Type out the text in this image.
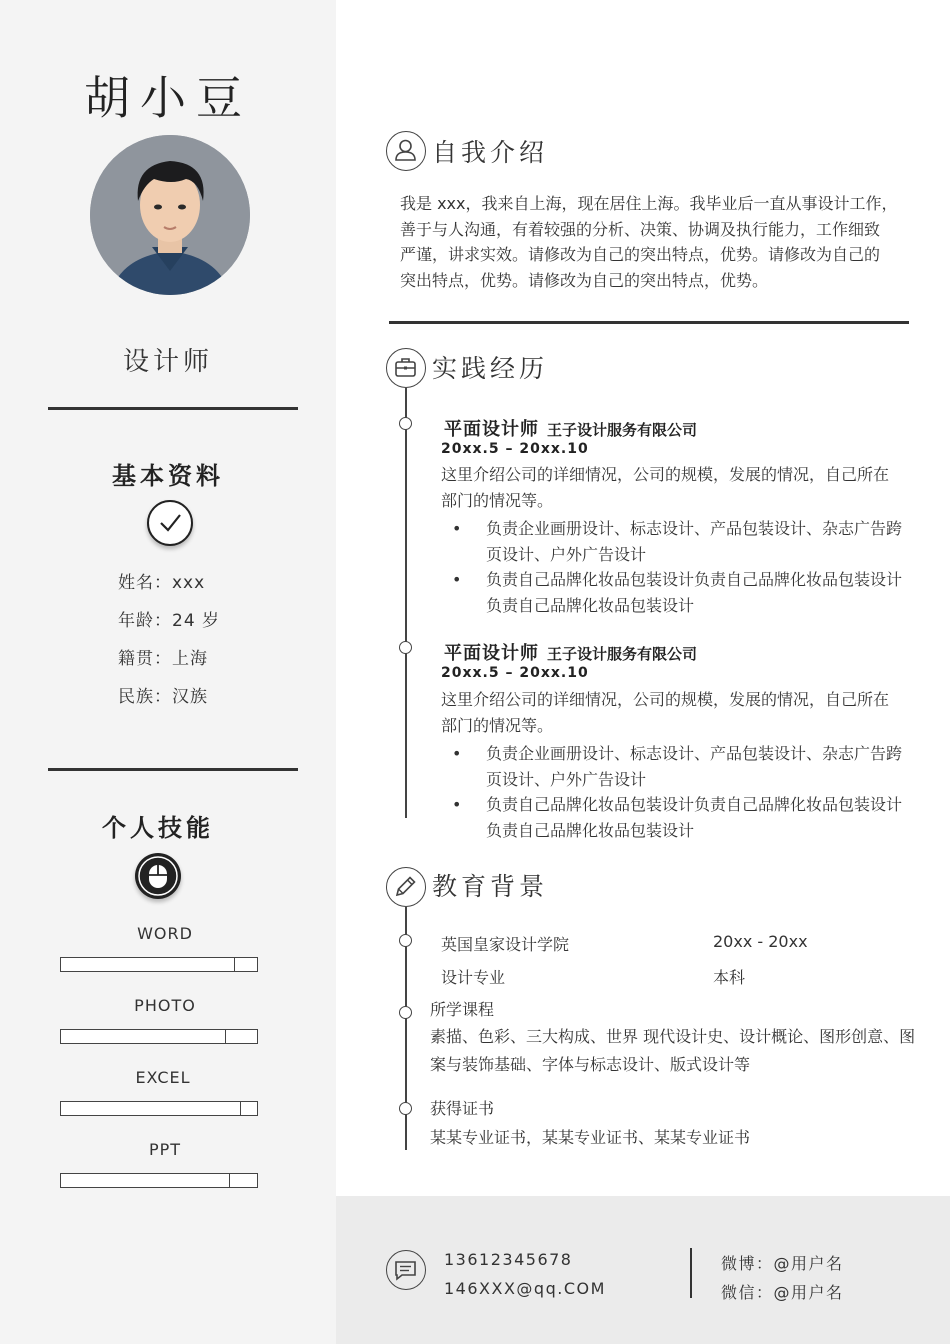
胡小豆
设计师
基本资料
姓名：xxx
年龄：24 岁
籍贯：上海
民族：汉族
个人技能
WORD
PHOTO
EXCEL
PPT
自我介绍
我是 xxx，我来自上海，现在居住上海。我毕业后一直从事设计工作，
善于与人沟通，有着较强的分析、决策、协调及执行能力，工作细致
严谨，讲求实效。请修改为自己的突出特点，优势。请修改为自己的
突出特点，优势。请修改为自己的突出特点，优势。
实践经历
平面设计师 王子设计服务有限公司
20xx.5 – 20xx.10
这里介绍公司的详细情况，公司的规模，发展的情况，自己所在
部门的情况等。
• 负责企业画册设计、标志设计、产品包装设计、杂志广告跨
页设计、户外广告设计
• 负责自己品牌化妆品包装设计负责自己品牌化妆品包装设计
负责自己品牌化妆品包装设计
平面设计师 王子设计服务有限公司
20xx.5 – 20xx.10
这里介绍公司的详细情况，公司的规模，发展的情况，自己所在
部门的情况等。
• 负责企业画册设计、标志设计、产品包装设计、杂志广告跨
页设计、户外广告设计
• 负责自己品牌化妆品包装设计负责自己品牌化妆品包装设计
负责自己品牌化妆品包装设计
教育背景
英国皇家设计学院	20xx - 20xx
设计专业	本科
所学课程
素描、色彩、三大构成、世界 现代设计史、设计概论、图形创意、图
案与装饰基础、字体与标志设计、版式设计等
获得证书
某某专业证书，某某专业证书、某某专业证书
13612345678
146XXX@qq.COM
微博：@用户名
微信：@用户名
